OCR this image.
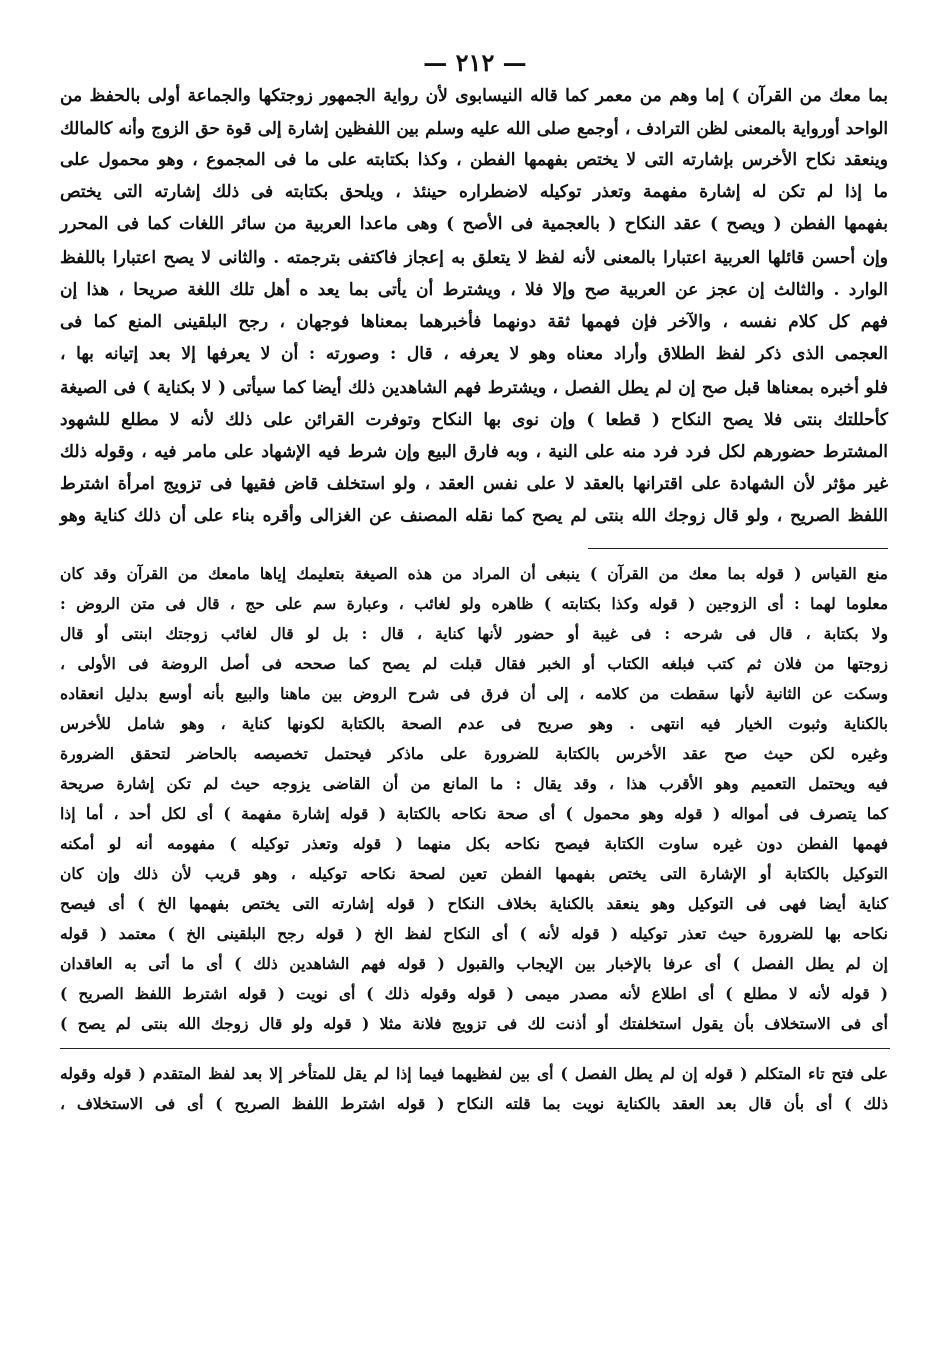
— ٢١٢ —
بما معك من القرآن ) إما وهم من معمر كما قاله النيسابوى لأن رواية الجمهور زوجتكها والجماعة أولى بالحفظ من
الواحد أورواية بالمعنى لظن الترادف ، أوجمع صلى الله عليه وسلم بين اللفظين إشارة إلى قوة حق الزوج وأنه كالمالك
وينعقد نكاح الأخرس بإشارته التى لا يختص بفهمها الفطن ، وكذا بكتابته على ما فى المجموع ، وهو محمول على
ما إذا لم تكن له إشارة مفهمة وتعذر توكيله لاضطراره حينئذ ، ويلحق بكتابته فى ذلك إشارته التى يختص
بفهمها الفطن ( ويصح ) عقد النكاح ( بالعجمية فى الأصح ) وهى ماعدا العربية من سائر اللغات كما فى المحرر
وإن أحسن قائلها العربية اعتبارا بالمعنى لأنه لفظ لا يتعلق به إعجاز فاكتفى بترجمته . والثانى لا يصح اعتبارا باللفظ
الوارد . والثالث إن عجز عن العربية صح وإلا فلا ، ويشترط أن يأتى بما يعد ه أهل تلك اللغة صريحا ، هذا إن
فهم كل كلام نفسه ، والآخر فإن فهمها ثقة دونهما فأخبرهما بمعناها فوجهان ، رجح البلقينى المنع كما فى
العجمى الذى ذكر لفظ الطلاق وأراد معناه وهو لا يعرفه ، قال : وصورته : أن لا يعرفها إلا بعد إتيانه بها ،
فلو أخبره بمعناها قبل صح إن لم يطل الفصل ، ويشترط فهم الشاهدين ذلك أيضا كما سيأتى ( لا بكناية ) فى الصيغة
كأحللتك بنتى فلا يصح النكاح ( قطعا ) وإن نوى بها النكاح وتوفرت القرائن على ذلك لأنه لا مطلع للشهود
المشترط حضورهم لكل فرد فرد منه على النية ، وبه فارق البيع وإن شرط فيه الإشهاد على مامر فيه ، وقوله ذلك
غير مؤثر لأن الشهادة على اقترانها بالعقد لا على نفس العقد ، ولو استخلف قاض فقيها فى تزويج امرأة اشترط
اللفظ الصريح ، ولو قال زوجك الله بنتى لم يصح كما نقله المصنف عن الغزالى وأقره بناء على أن ذلك كناية وهو
منع القياس ( قوله بما معك من القرآن ) ينبغى أن المراد من هذه الصيغة بتعليمك إياها مامعك من القرآن وقد كان
معلوما لهما : أى الزوجين ( قوله وكذا بكتابته ) ظاهره ولو لغائب ، وعبارة سم على حج ، قال فى متن الروض :
ولا بكتابة ، قال فى شرحه : فى غيبة أو حضور لأنها كناية ، قال : بل لو قال لغائب زوجتك ابنتى أو قال
زوجتها من فلان ثم كتب فبلغه الكتاب أو الخبر فقال قبلت لم يصح كما صححه فى أصل الروضة فى الأولى ،
وسكت عن الثانية لأنها سقطت من كلامه ، إلى أن فرق فى شرح الروض بين ماهنا والبيع بأنه أوسع بدليل انعقاده
بالكناية وثبوت الخيار فيه انتهى . وهو صريح فى عدم الصحة بالكتابة لكونها كناية ، وهو شامل للأخرس
وغيره لكن حيث صح عقد الأخرس بالكتابة للضرورة على ماذكر فيحتمل تخصيصه بالحاضر لتحقق الضرورة
فيه ويحتمل التعميم وهو الأقرب هذا ، وقد يقال : ما المانع من أن القاضى يزوجه حيث لم تكن إشارة صريحة
كما يتصرف فى أمواله ( قوله وهو محمول ) أى صحة نكاحه بالكتابة ( قوله إشارة مفهمة ) أى لكل أحد ، أما إذا
فهمها الفطن دون غيره ساوت الكتابة فيصح نكاحه بكل منهما ( قوله وتعذر توكيله ) مفهومه أنه لو أمكنه
التوكيل بالكتابة أو الإشارة التى يختص بفهمها الفطن تعين لصحة نكاحه توكيله ، وهو قريب لأن ذلك وإن كان
كناية أيضا فهى فى التوكيل وهو ينعقد بالكناية بخلاف النكاح ( قوله إشارته التى يختص بفهمها الخ ) أى فيصح
نكاحه بها للضرورة حيث تعذر توكيله ( قوله لأنه ) أى النكاح لفظ الخ ( قوله رجح البلقينى الخ ) معتمد ( قوله
إن لم يطل الفصل ) أى عرفا بالإخبار بين الإيجاب والقبول ( قوله فهم الشاهدين ذلك ) أى ما أتى به العاقدان
( قوله لأنه لا مطلع ) أى اطلاع لأنه مصدر ميمى ( قوله وقوله ذلك ) أى نويت ( قوله اشترط اللفظ الصريح )
أى فى الاستخلاف بأن يقول استخلفتك أو أذنت لك فى تزويج فلانة مثلا ( قوله ولو قال زوجك الله بنتى لم يصح )
على فتح تاء المتكلم ( قوله إن لم يطل الفصل ) أى بين لفظيهما فيما إذا لم يقل للمتأخر إلا بعد لفظ المتقدم ( قوله وقوله
ذلك ) أى بأن قال بعد العقد بالكناية نويت بما قلته النكاح ( قوله اشترط اللفظ الصريح ) أى فى الاستخلاف ،
